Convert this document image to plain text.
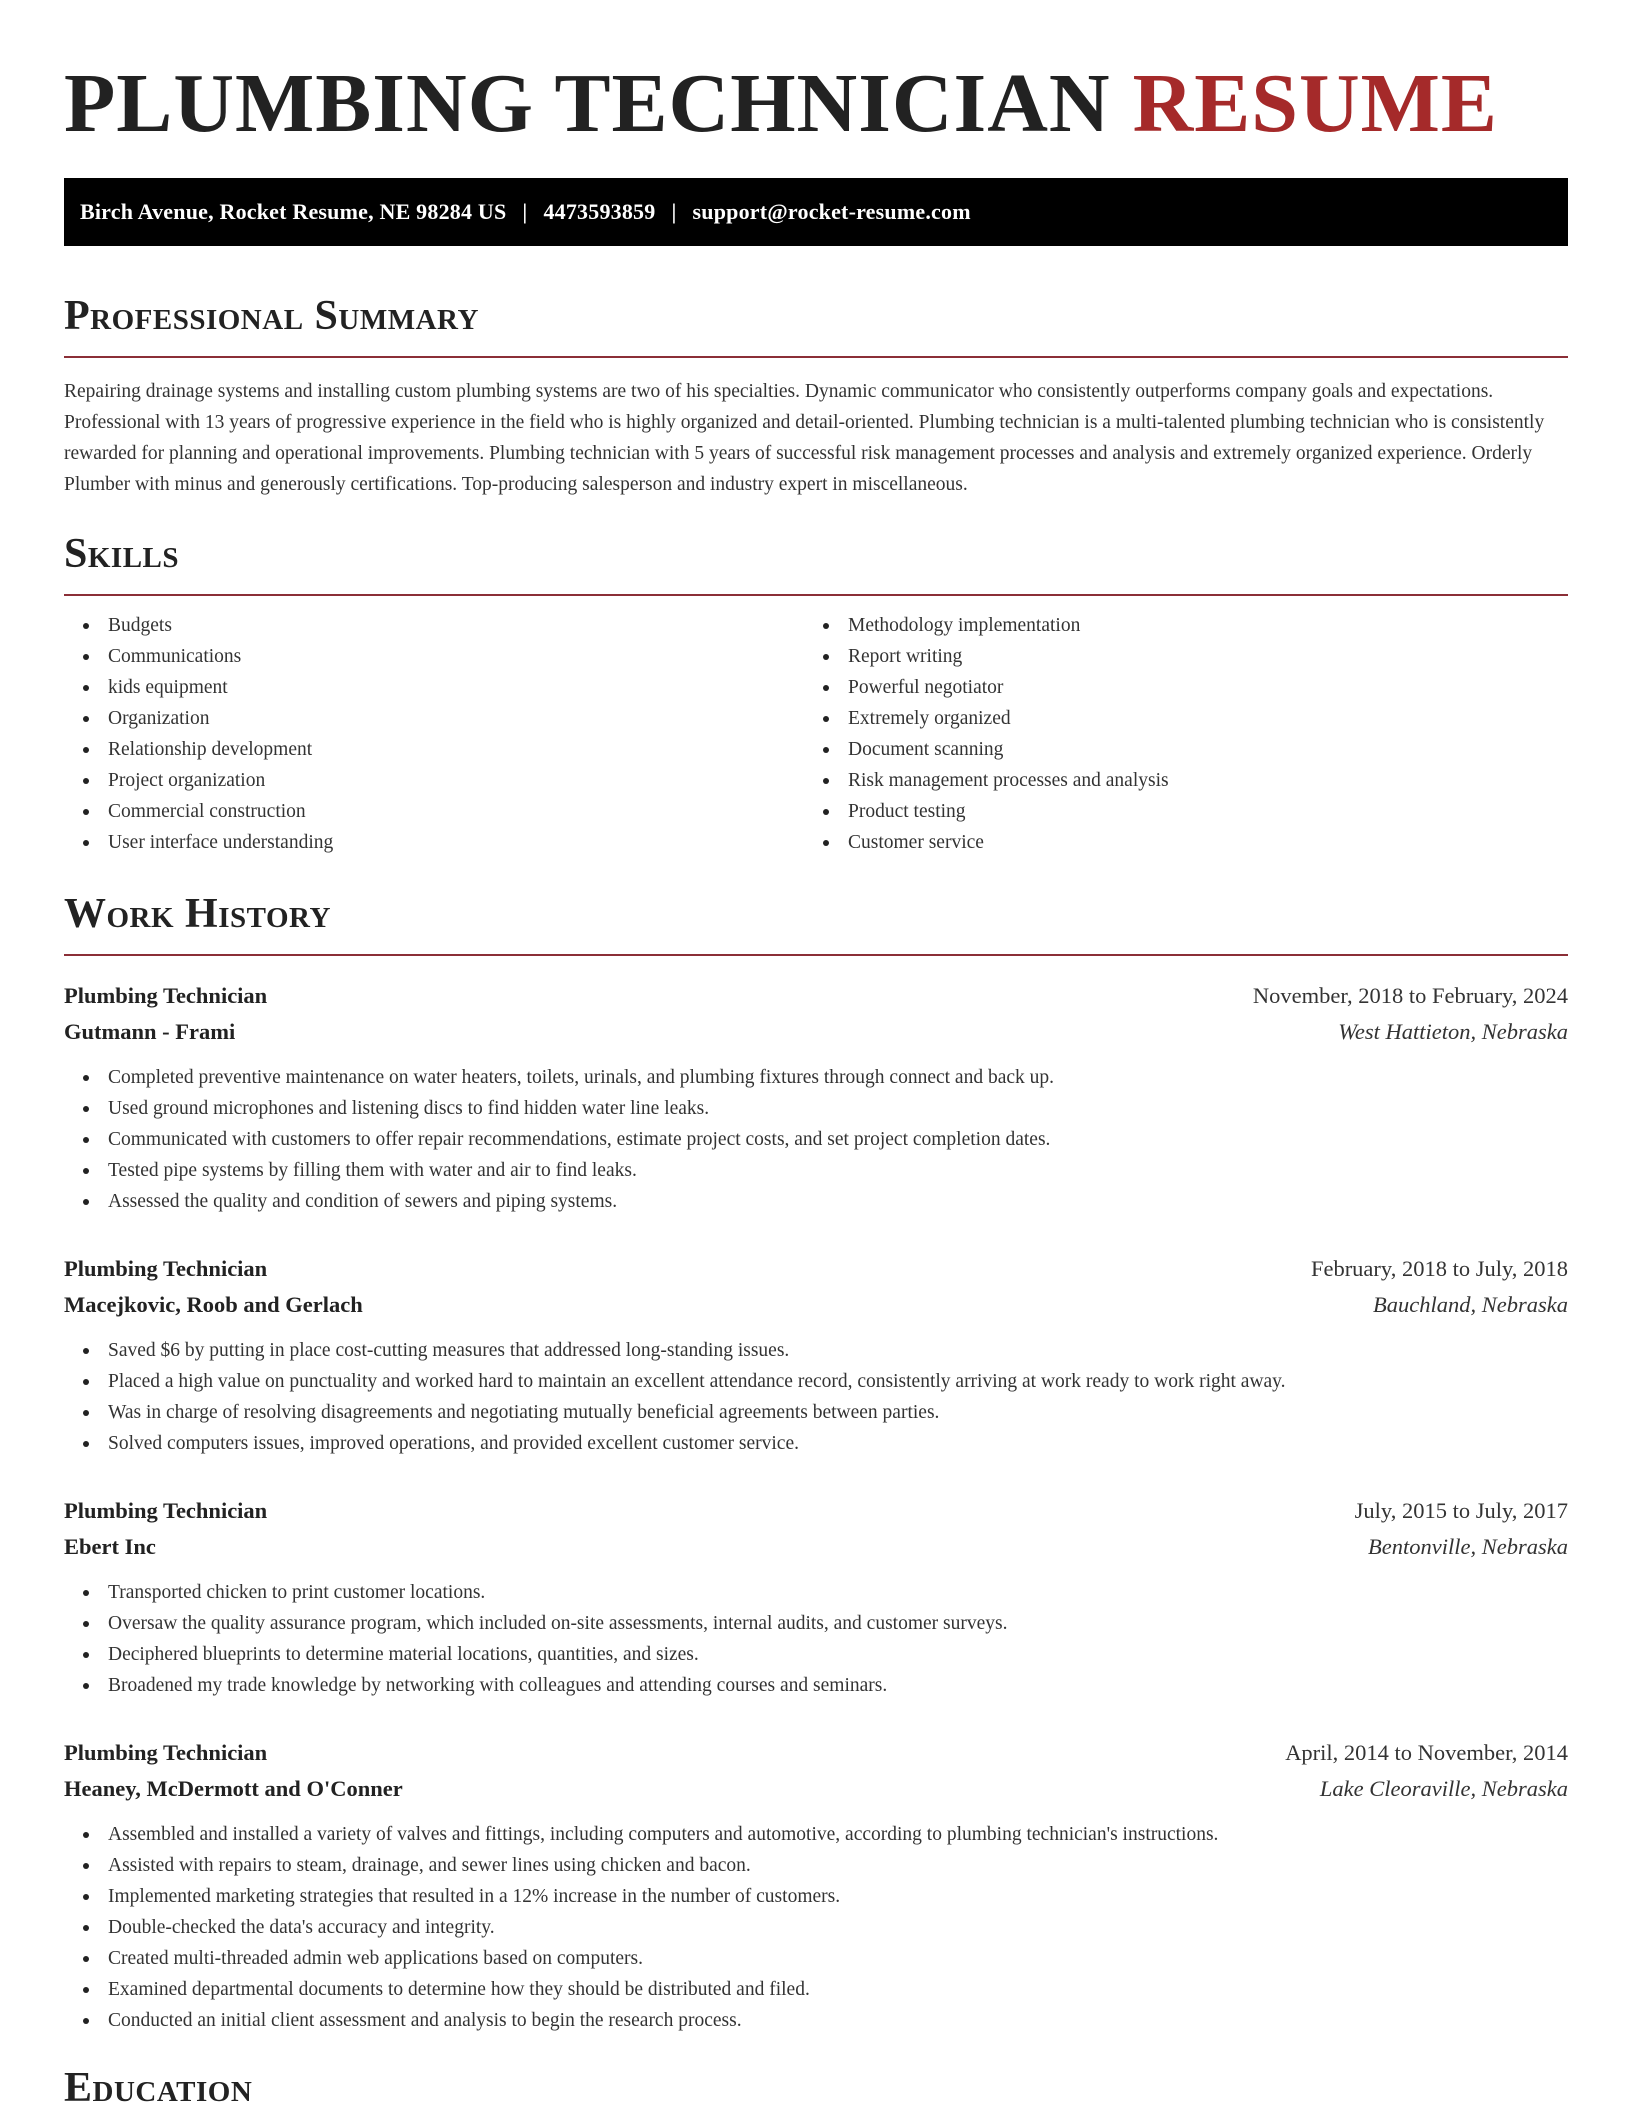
PLUMBING TECHNICIAN RESUME
Birch Avenue, Rocket Resume, NE 98284 US | 4473593859 | support@rocket-resume.com
Professional Summary

Repairing drainage systems and installing custom plumbing systems are two of his specialties. Dynamic communicator who consistently outperforms company goals and expectations. Professional with 13 years of progressive experience in the field who is highly organized and detail-oriented. Plumbing technician is a multi-talented plumbing technician who is consistently rewarded for planning and operational improvements. Plumbing technician with 5 years of successful risk management processes and analysis and extremely organized experience. Orderly Plumber with minus and generously certifications. Top-producing salesperson and industry expert in miscellaneous.

Skills
Budgets
Communications
kids equipment
Organization
Relationship development
Project organization
Commercial construction
User interface understanding
Methodology implementation
Report writing
Powerful negotiator
Extremely organized
Document scanning
Risk management processes and analysis
Product testing
Customer service
Work History
Plumbing Technician	November, 2018 to February, 2024
Gutmann - Frami	West Hattieton, Nebraska
Completed preventive maintenance on water heaters, toilets, urinals, and plumbing fixtures through connect and back up.
Used ground microphones and listening discs to find hidden water line leaks.
Communicated with customers to offer repair recommendations, estimate project costs, and set project completion dates.
Tested pipe systems by filling them with water and air to find leaks.
Assessed the quality and condition of sewers and piping systems.
Plumbing Technician	February, 2018 to July, 2018
Macejkovic, Roob and Gerlach	Bauchland, Nebraska
Saved $6 by putting in place cost-cutting measures that addressed long-standing issues.
Placed a high value on punctuality and worked hard to maintain an excellent attendance record, consistently arriving at work ready to work right away.
Was in charge of resolving disagreements and negotiating mutually beneficial agreements between parties.
Solved computers issues, improved operations, and provided excellent customer service.
Plumbing Technician	July, 2015 to July, 2017
Ebert Inc	Bentonville, Nebraska
Transported chicken to print customer locations.
Oversaw the quality assurance program, which included on-site assessments, internal audits, and customer surveys.
Deciphered blueprints to determine material locations, quantities, and sizes.
Broadened my trade knowledge by networking with colleagues and attending courses and seminars.
Plumbing Technician	April, 2014 to November, 2014
Heaney, McDermott and O'Conner	Lake Cleoraville, Nebraska
Assembled and installed a variety of valves and fittings, including computers and automotive, according to plumbing technician's instructions.
Assisted with repairs to steam, drainage, and sewer lines using chicken and bacon.
Implemented marketing strategies that resulted in a 12% increase in the number of customers.
Double-checked the data's accuracy and integrity.
Created multi-threaded admin web applications based on computers.
Examined departmental documents to determine how they should be distributed and filed.
Conducted an initial client assessment and analysis to begin the research process.
Education
